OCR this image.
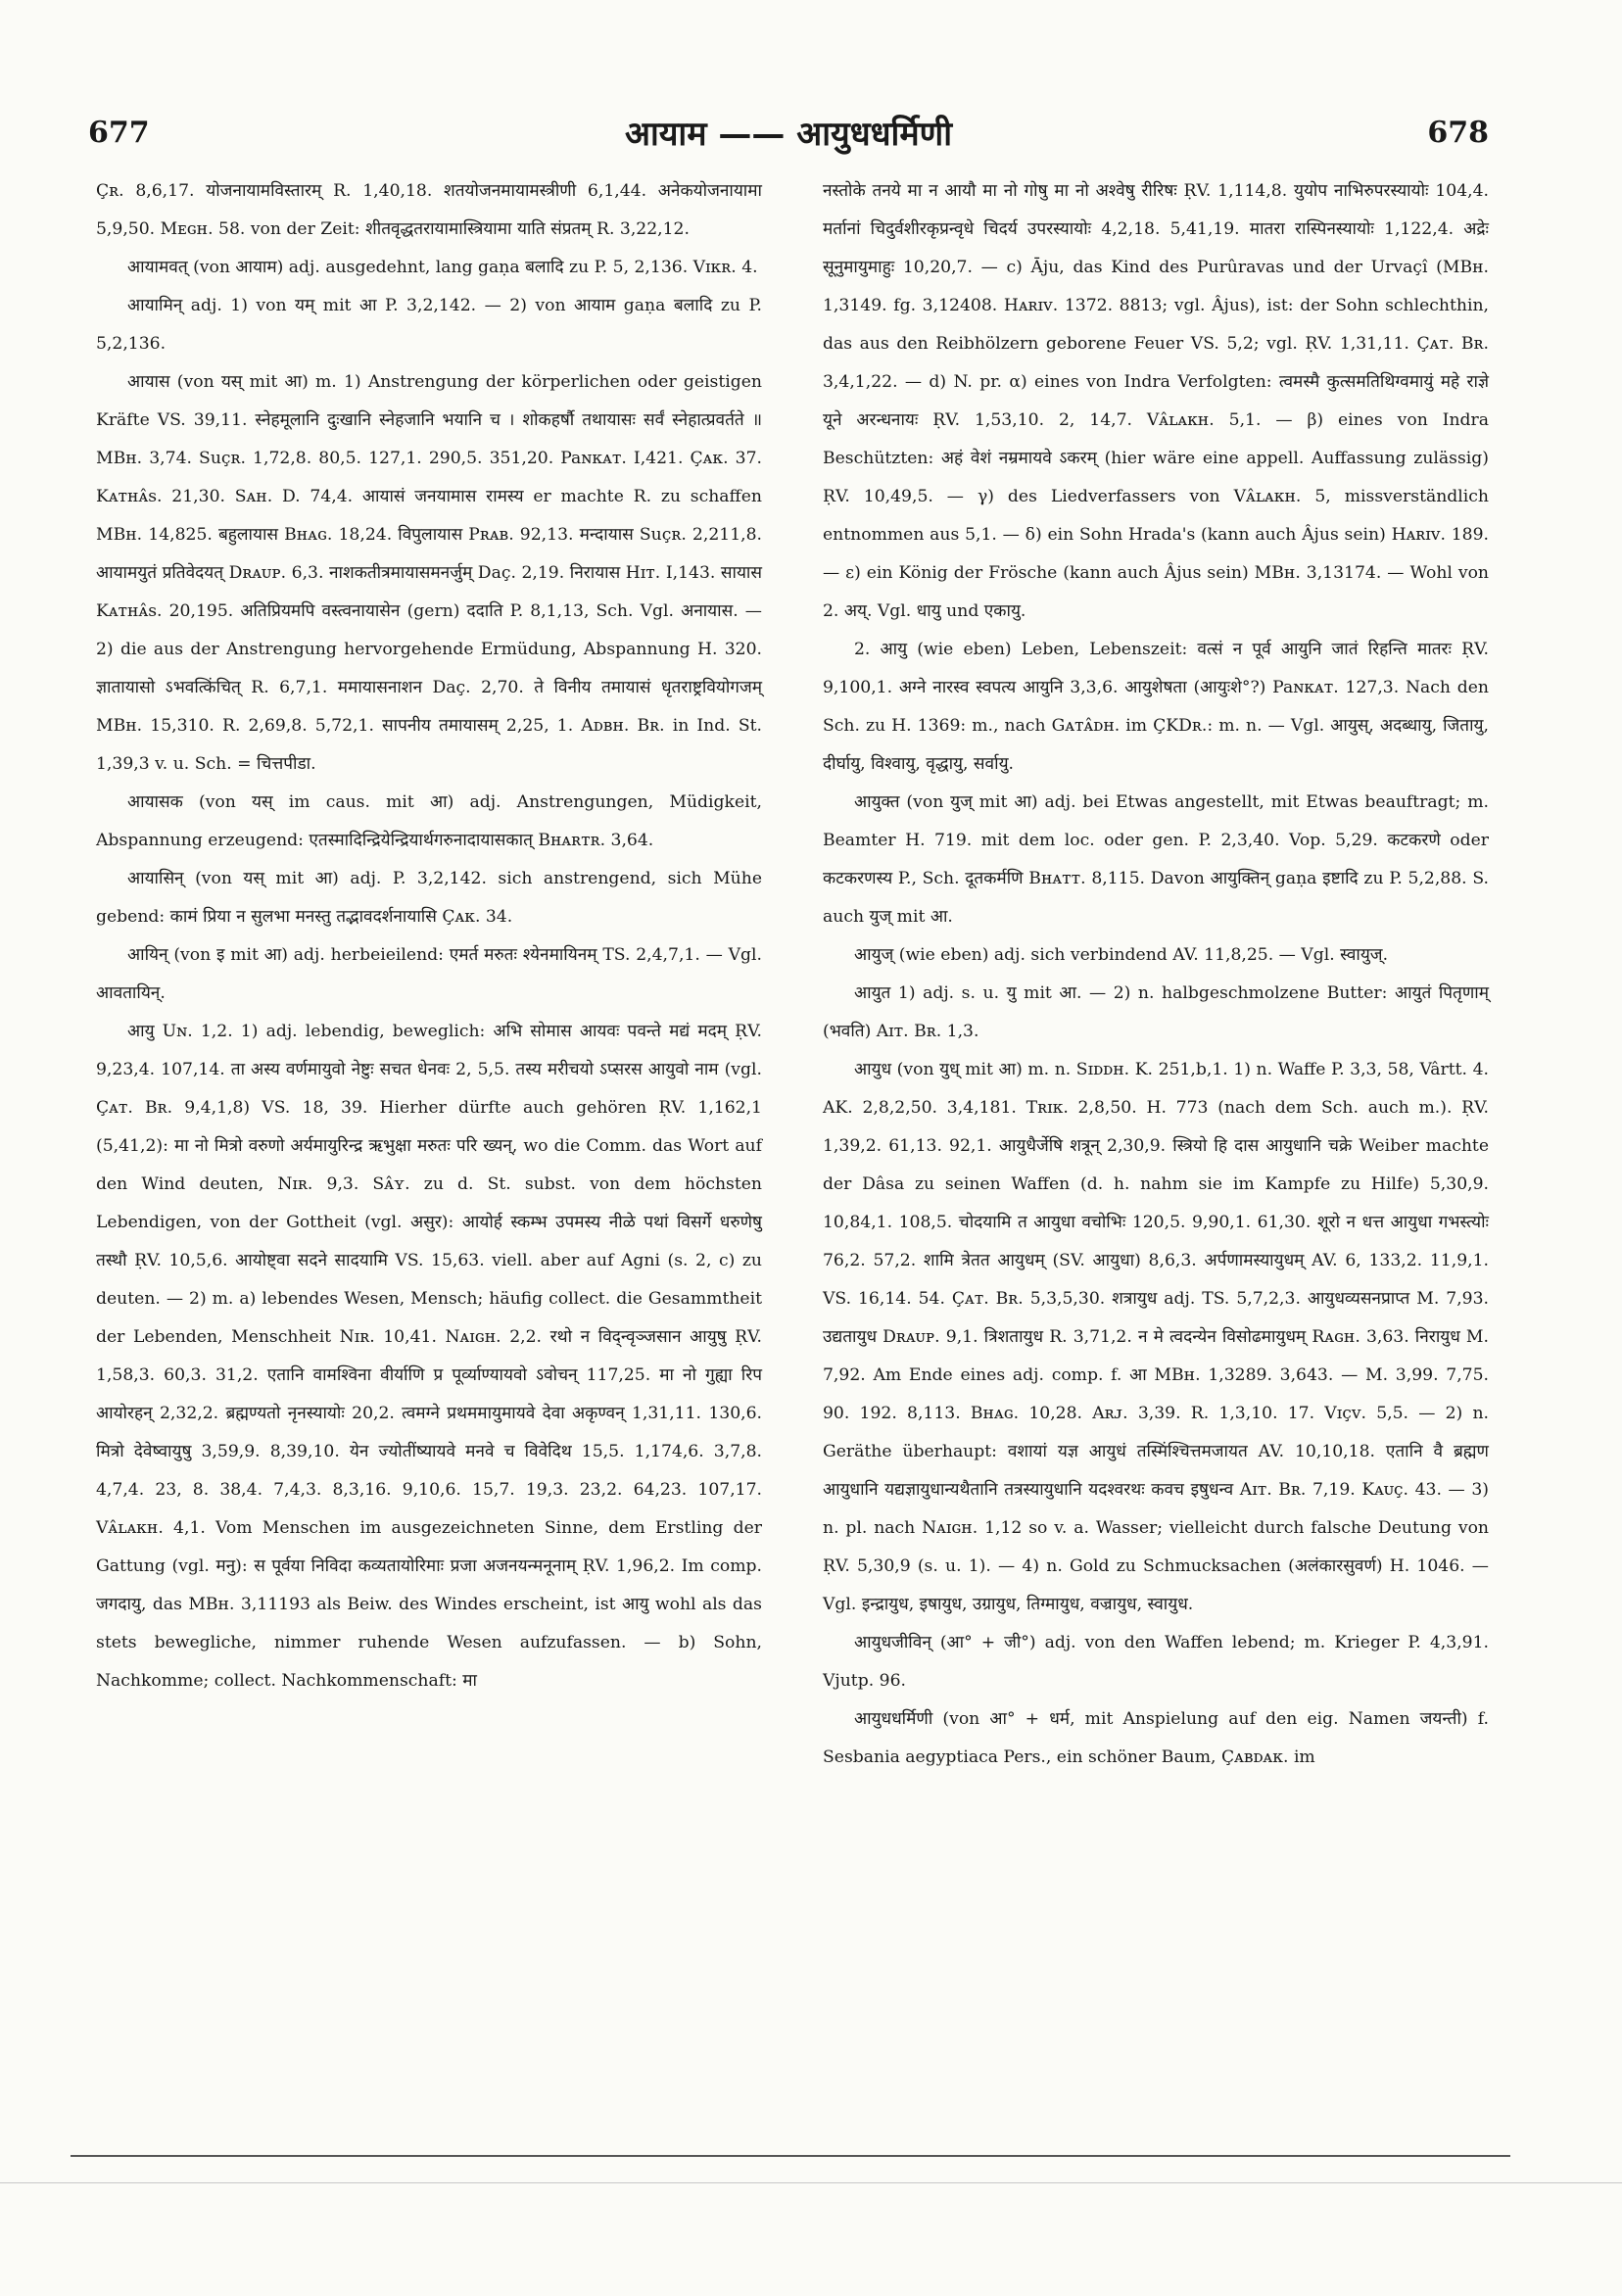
677	आयाम —— आयुधधर्मिणी	678

Çʀ. 8,6,17. योजनायामविस्तारम् R. 1,40,18. शतयोजनमायामस्त्रीणी 6,1,44. अनेकयोजनायामा 5,9,50. Mᴇɢʜ. 58. von der Zeit: शीतवृद्धतरायामास्त्रियामा याति संप्रतम् R. 3,22,12.

आयामवत् (von आयाम) adj. ausgedehnt, lang gaṇa बलादि zu P. 5, 2,136. Vɪᴋʀ. 4.

आयामिन् adj. 1) von यम् mit आ P. 3,2,142. — 2) von आयाम gaṇa बलादि zu P. 5,2,136.

आयास (von यस् mit आ) m. 1) Anstrengung der körperlichen oder geistigen Kräfte VS. 39,11. स्नेहमूलानि दुःखानि स्नेहजानि भयानि च । शोकहर्षौ तथायासः सर्वं स्नेहात्प्रवर्तते ॥ MBʜ. 3,74. Suçʀ. 1,72,8. 80,5. 127,1. 290,5. 351,20. Paɴᴋᴀᴛ. I,421. Çᴀᴋ. 37. Kᴀᴛʜᴀ̂s. 21,30. Sᴀʜ. D. 74,4. आयासं जनयामास रामस्य er machte R. zu schaffen MBʜ. 14,825. बहुलायास Bʜᴀɢ. 18,24. विपुलायास Pʀᴀʙ. 92,13. मन्दायास Suçʀ. 2,211,8. आयामयुतं प्रतिवेदयत् Dʀᴀᴜᴘ. 6,3. नाशकतीत्रमायासमनर्जुम् Daç. 2,19. निरायास Hɪᴛ. I,143. सायास Kᴀᴛʜᴀ̂s. 20,195. अतिप्रियमपि वस्त्वनायासेन (gern) ददाति P. 8,1,13, Sch. Vgl. अनायास. — 2) die aus der Anstrengung hervorgehende Ermüdung, Abspannung H. 320. ज्ञातायासो ऽभवत्किंचित् R. 6,7,1. ममायासनाशन Daç. 2,70. ते विनीय तमायासं धृतराष्ट्रवियोगजम् MBʜ. 15,310. R. 2,69,8. 5,72,1. सापनीय तमायासम् 2,25, 1. Aᴅʙʜ. Bʀ. in Ind. St. 1,39,3 v. u. Sch. = चित्तपीडा.

आयासक (von यस् im caus. mit आ) adj. Anstrengungen, Müdigkeit, Abspannung erzeugend: एतस्मादिन्द्रियेन्द्रियार्थगरुनादायासकात् Bʜᴀʀᴛʀ. 3,64.

आयासिन् (von यस् mit आ) adj. P. 3,2,142. sich anstrengend, sich Mühe gebend: कामं प्रिया न सुलभा मनस्तु तद्भावदर्शनायासि Çᴀᴋ. 34.

आयिन् (von इ mit आ) adj. herbeieilend: एमर्त मरुतः श्येनमायिनम् TS. 2,4,7,1. — Vgl. आवतायिन्.

आयु Uɴ. 1,2. 1) adj. lebendig, beweglich: अभि सोमास आयवः पवन्ते मद्यं मदम् ṚV. 9,23,4. 107,14. ता अस्य वर्णमायुवो नेष्टुः सचत धेनवः 2, 5,5. तस्य मरीचयो ऽप्सरस आयुवो नाम (vgl. Çᴀᴛ. Bʀ. 9,4,1,8) VS. 18, 39. Hierher dürfte auch gehören ṚV. 1,162,1 (5,41,2): मा नो मित्रो वरुणो अर्यमायुरिन्द्र ऋभुक्षा मरुतः परि ख्यन्, wo die Comm. das Wort auf den Wind deuten, Nɪʀ. 9,3. Sᴀ̂ʏ. zu d. St. subst. von dem höchsten Lebendigen, von der Gottheit (vgl. असुर): आयोर्ह स्कम्भ उपमस्य नीळे पथां विसर्गे धरुणेषु तस्थौ ṚV. 10,5,6. आयोष्ट्वा सदने सादयामि VS. 15,63. viell. aber auf Agni (s. 2, c) zu deuten. — 2) m. a) lebendes Wesen, Mensch; häufig collect. die Gesammtheit der Lebenden, Menschheit Nɪʀ. 10,41. Nᴀɪɢʜ. 2,2. रथो न विद्न्वृञ्जसान आयुषु ṚV. 1,58,3. 60,3. 31,2. एतानि वामश्विना वीर्याणि प्र पूर्व्याण्यायवो ऽवोचन् 117,25. मा नो गुह्या रिप आयोरहन् 2,32,2. ब्रह्मण्यतो नृनस्यायोः 20,2. त्वमग्ने प्रथममायुमायवे देवा अकृण्वन् 1,31,11. 130,6. मित्रो देवेष्वायुषु 3,59,9. 8,39,10. येन ज्योतींष्यायवे मनवे च विवेदिथ 15,5. 1,174,6. 3,7,8. 4,7,4. 23, 8. 38,4. 7,4,3. 8,3,16. 9,10,6. 15,7. 19,3. 23,2. 64,23. 107,17. Vᴀ̂ʟᴀᴋʜ. 4,1. Vom Menschen im ausgezeichneten Sinne, dem Erstling der Gattung (vgl. मनु): स पूर्वया निविदा कव्यतायोरिमाः प्रजा अजनयन्मनूनाम् ṚV. 1,96,2. Im comp. जगदायु, das MBʜ. 3,11193 als Beiw. des Windes erscheint, ist आयु wohl als das stets bewegliche, nimmer ruhende Wesen aufzufassen. — b) Sohn, Nachkomme; collect. Nachkommenschaft: मा

नस्तोके तनये मा न आयौ मा नो गोषु मा नो अश्वेषु रीरिषः ṚV. 1,114,8. युयोप नाभिरुपरस्यायोः 104,4. मर्तानां चिदुर्वशीरकृप्रन्वृधे चिदर्य उपरस्यायोः 4,2,18. 5,41,19. मातरा रास्पिनस्यायोः 1,122,4. अद्रेः सूनुमायुमाहुः 10,20,7. — c) Āju, das Kind des Purûravas und der Urvaçî (MBʜ. 1,3149. fg. 3,12408. Hᴀʀɪᴠ. 1372. 8813; vgl. Âjus), ist: der Sohn schlechthin, das aus den Reibhölzern geborene Feuer VS. 5,2; vgl. ṚV. 1,31,11. Çᴀᴛ. Bʀ. 3,4,1,22. — d) N. pr. α) eines von Indra Verfolgten: त्वमस्मै कुत्समतिथिग्वमायुं महे राज्ञे यूने अरन्धनायः ṚV. 1,53,10. 2, 14,7. Vᴀ̂ʟᴀᴋʜ. 5,1. — β) eines von Indra Beschützten: अहं वेशं नम्रमायवे ऽकरम् (hier wäre eine appell. Auffassung zulässig) ṚV. 10,49,5. — γ) des Liedverfassers von Vᴀ̂ʟᴀᴋʜ. 5, missverständlich entnommen aus 5,1. — δ) ein Sohn Hrada's (kann auch Âjus sein) Hᴀʀɪᴠ. 189. — ε) ein König der Frösche (kann auch Âjus sein) MBʜ. 3,13174. — Wohl von 2. अय्. Vgl. धायु und एकायु.

2. आयु (wie eben) Leben, Lebenszeit: वत्सं न पूर्व आयुनि जातं रिहन्ति मातरः ṚV. 9,100,1. अग्ने नारस्व स्वपत्य आयुनि 3,3,6. आयुशेषता (आयुःशे°?) Paɴᴋᴀᴛ. 127,3. Nach den Sch. zu H. 1369: m., nach Gᴀᴛᴀ̂ᴅʜ. im ÇKDʀ.: m. n. — Vgl. आयुस्, अदब्धायु, जितायु, दीर्घायु, विश्वायु, वृद्धायु, सर्वायु.

आयुक्त (von युज् mit आ) adj. bei Etwas angestellt, mit Etwas beauftragt; m. Beamter H. 719. mit dem loc. oder gen. P. 2,3,40. Vop. 5,29. कटकरणे oder कटकरणस्य P., Sch. दूतकर्मणि Bʜᴀᴛᴛ. 8,115. Davon आयुक्तिन् gaṇa इष्टादि zu P. 5,2,88. S. auch युज् mit आ.

आयुज् (wie eben) adj. sich verbindend AV. 11,8,25. — Vgl. स्वायुज्.

आयुत 1) adj. s. u. यु mit आ. — 2) n. halbgeschmolzene Butter: आयुतं पितृणाम् (भवति) Aɪᴛ. Bʀ. 1,3.

आयुध (von युध् mit आ) m. n. Sɪᴅᴅʜ. K. 251,b,1. 1) n. Waffe P. 3,3, 58, Vârtt. 4. AK. 2,8,2,50. 3,4,181. Tʀɪᴋ. 2,8,50. H. 773 (nach dem Sch. auch m.). ṚV. 1,39,2. 61,13. 92,1. आयुधैर्जेषि शत्रून् 2,30,9. स्त्रियो हि दास आयुधानि चक्रे Weiber machte der Dâsa zu seinen Waffen (d. h. nahm sie im Kampfe zu Hilfe) 5,30,9. 10,84,1. 108,5. चोदयामि त आयुधा वचोभिः 120,5. 9,90,1. 61,30. शूरो न धत्त आयुधा गभस्त्योः 76,2. 57,2. शामि त्रेतत आयुधम् (SV. आयुधा) 8,6,3. अर्पणामस्यायुधम् AV. 6, 133,2. 11,9,1. VS. 16,14. 54. Çᴀᴛ. Bʀ. 5,3,5,30. शत्रायुध adj. TS. 5,7,2,3. आयुधव्यसनप्राप्त M. 7,93. उद्यतायुध Dʀᴀᴜᴘ. 9,1. त्रिशतायुध R. 3,71,2. न मे त्वदन्येन विसोढमायुधम् Rᴀɢʜ. 3,63. निरायुध M. 7,92. Am Ende eines adj. comp. f. आ MBʜ. 1,3289. 3,643. — M. 3,99. 7,75. 90. 192. 8,113. Bʜᴀɢ. 10,28. Aʀᴊ. 3,39. R. 1,3,10. 17. Vɪçᴠ. 5,5. — 2) n. Geräthe überhaupt: वशायां यज्ञ आयुधं तस्मिंश्चित्तमजायत AV. 10,10,18. एतानि वै ब्रह्मण आयुधानि यद्यज्ञायुधान्यथैतानि तत्रस्यायुधानि यदश्वरथः कवच इषुधन्व Aɪᴛ. Bʀ. 7,19. Kᴀᴜç. 43. — 3) n. pl. nach Nᴀɪɢʜ. 1,12 so v. a. Wasser; vielleicht durch falsche Deutung von ṚV. 5,30,9 (s. u. 1). — 4) n. Gold zu Schmucksachen (अलंकारसुवर्ण) H. 1046. — Vgl. इन्द्रायुध, इषायुध, उग्रायुध, तिग्मायुध, वज्रायुध, स्वायुध.

आयुधजीविन् (आ° + जी°) adj. von den Waffen lebend; m. Krieger P. 4,3,91. Vjutp. 96.

आयुधधर्मिणी (von आ° + धर्म, mit Anspielung auf den eig. Namen जयन्ती) f. Sesbania aegyptiaca Pers., ein schöner Baum, Çᴀʙᴅᴀᴋ. im
